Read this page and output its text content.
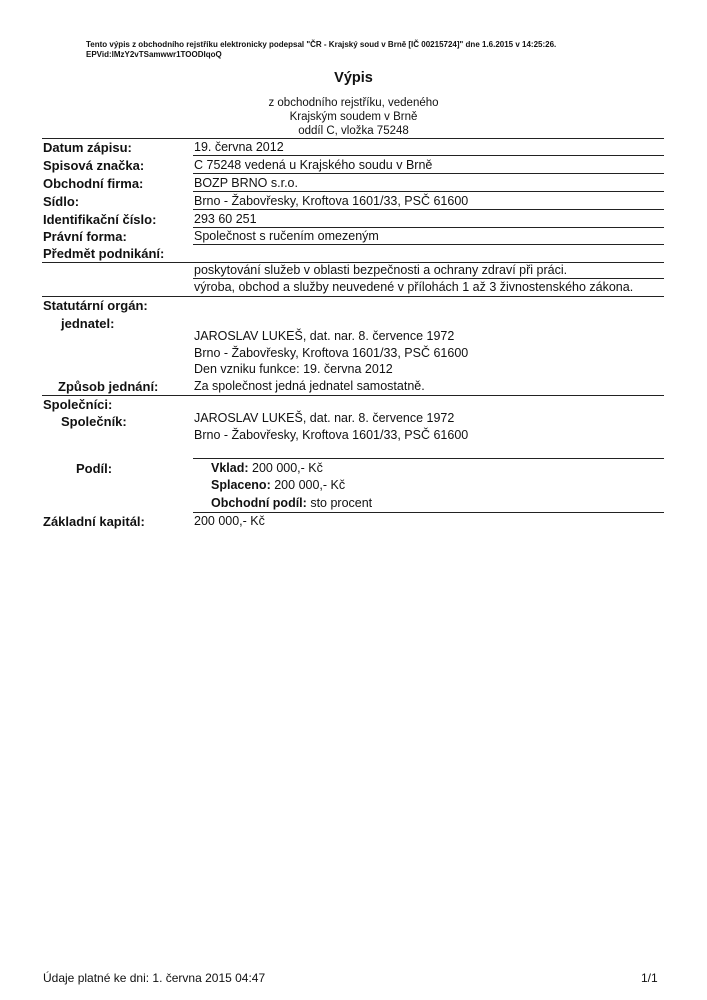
Tento výpis z obchodního rejstříku elektronicky podepsal "ČR - Krajský soud v Brně [IČ 00215724]" dne 1.6.2015 v 14:25:26.
EPVid:lMzY2vTSamwwr1TOODIqoQ
Výpis
z obchodního rejstříku, vedeného
Krajským soudem v Brně
oddíl C, vložka 75248
Datum zápisu:	19. června 2012
Spisová značka:	C 75248 vedená u Krajského soudu v Brně
Obchodní firma:	BOZP BRNO s.r.o.
Sídlo:	Brno - Žabovřesky, Kroftova 1601/33, PSČ 61600
Identifikační číslo:	293 60 251
Právní forma:	Společnost s ručením omezeným
Předmět podnikání:
poskytování služeb v oblasti bezpečnosti a ochrany zdraví při práci.
výroba, obchod a služby neuvedené v přílohách 1 až 3 živnostenského zákona.
Statutární orgán:
jednatel:
JAROSLAV LUKEŠ, dat. nar. 8. července 1972
Brno - Žabovřesky, Kroftova 1601/33, PSČ 61600
Den vzniku funkce: 19. června 2012
Způsob jednání:	Za společnost jedná jednatel samostatně.
Společníci:
Společník:	JAROSLAV LUKEŠ, dat. nar. 8. července 1972
Brno - Žabovřesky, Kroftova 1601/33, PSČ 61600
Podíl:	Vklad: 200 000,- Kč
Splaceno: 200 000,- Kč
Obchodní podíl: sto procent
Základní kapitál:	200 000,- Kč
Údaje platné ke dni: 1. června 2015 04:47	1/1
